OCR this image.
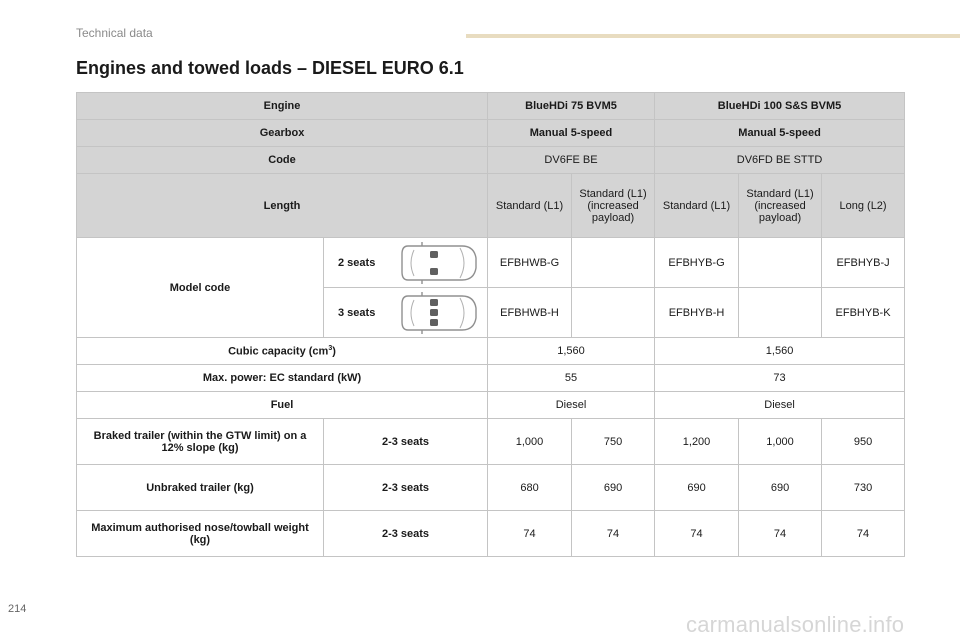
Technical data
Engines and towed loads – DIESEL EURO 6.1
Engine		BlueHDi 75 BVM5		BlueHDi 100 S&S BVM5		
Gearbox		Manual 5-speed		Manual 5-speed		
Code		DV6FE BE		DV6FD BE STTD		
Length		Standard (L1)	Standard (L1) (increased payload)	Standard (L1)	Standard (L1) (increased payload)	Long (L2)
Model code	2 seats	EFBHWB-G		EFBHYB-G		EFBHYB-J

	3 seats	EFBHWB-H		EFBHYB-H		EFBHYB-K
Cubic capacity $(cm^3)$		1,560		1,560		
Max. power: EC standard (kW)		55		73		
Fuel		Diesel		Diesel		
Braked trailer (within the GTW limit) on a 12% slope (kg)	2-3 seats	1,000	750	1,200	1,000	950
Unbraked trailer (kg)	2-3 seats	680	690	690	690	730
Maximum authorised nose/towball weight (kg)	2-3 seats	74	74	74	74	74
214
carmanualsonline.info
